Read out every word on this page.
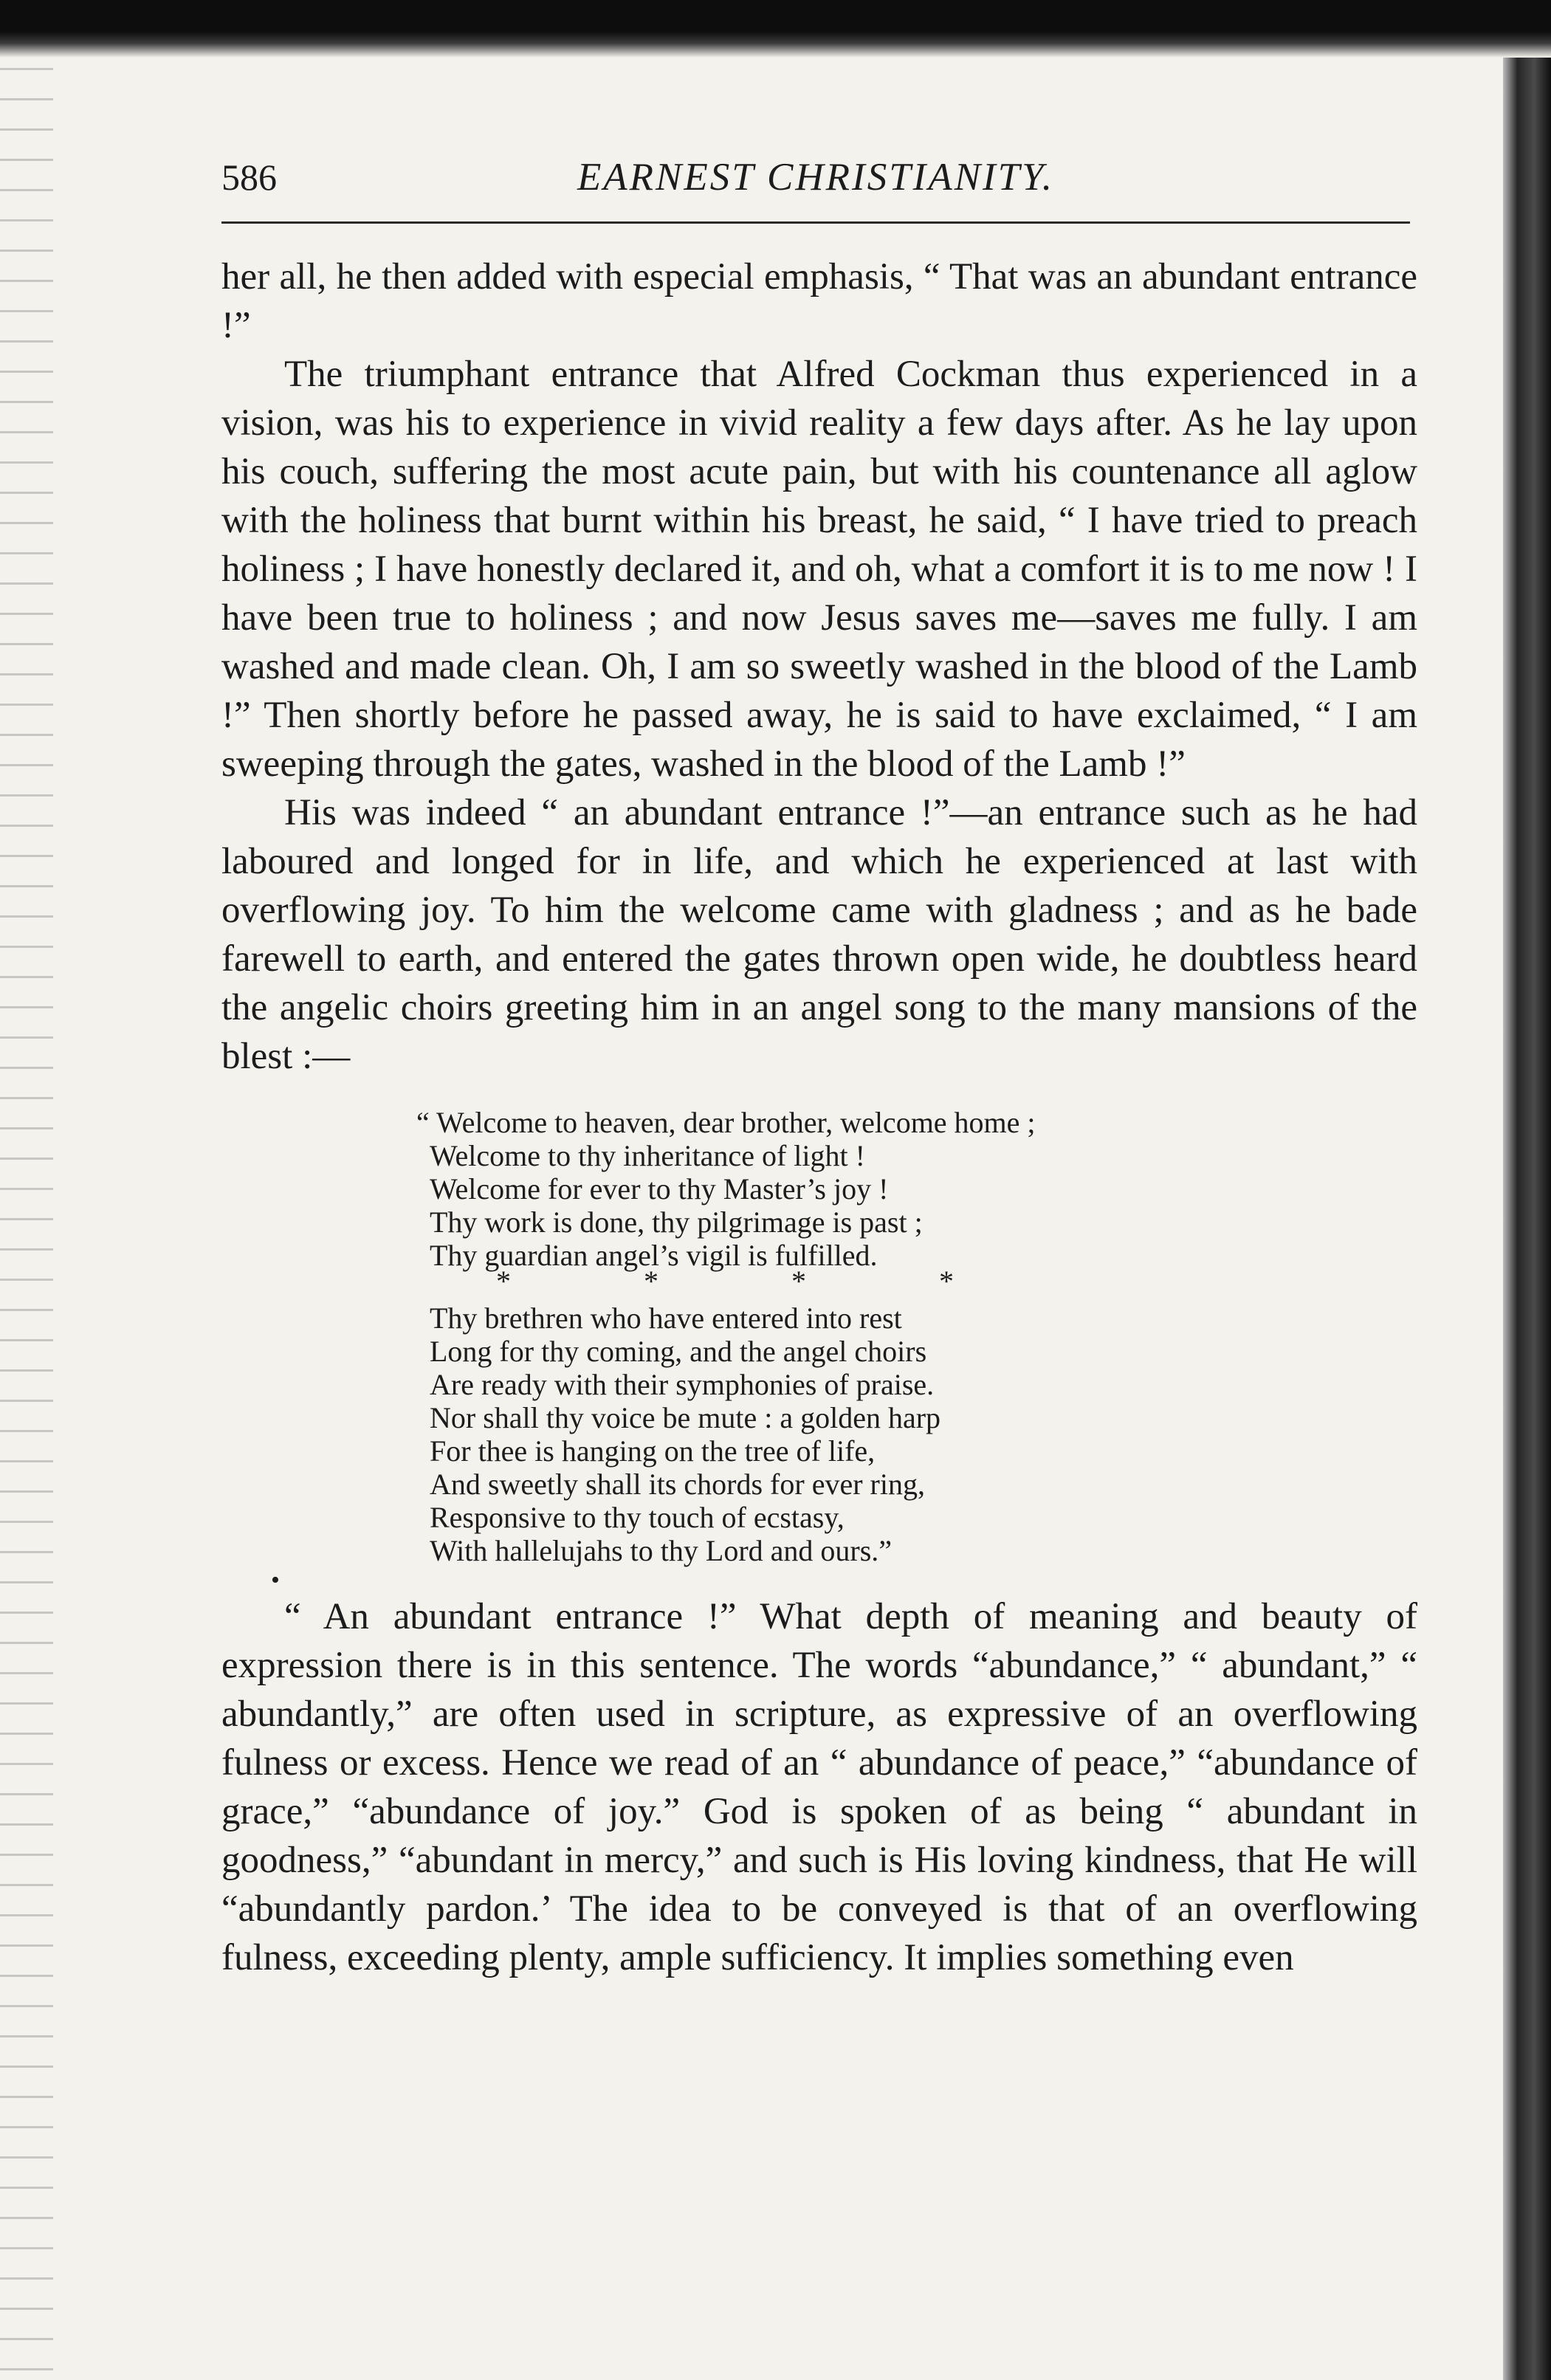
586	EARNEST CHRISTIANITY.

her all, he then added with especial emphasis, “ That was an abundant entrance !”

The triumphant entrance that Alfred Cockman thus experienced in a vision, was his to experience in vivid reality a few days after. As he lay upon his couch, suffering the most acute pain, but with his countenance all aglow with the holiness that burnt within his breast, he said, “ I have tried to preach holiness ; I have honestly declared it, and oh, what a comfort it is to me now ! I have been true to holiness ; and now Jesus saves me—saves me fully. I am washed and made clean. Oh, I am so sweetly washed in the blood of the Lamb !” Then shortly before he passed away, he is said to have exclaimed, “ I am sweeping through the gates, washed in the blood of the Lamb !”

His was indeed “ an abundant entrance !”—an entrance such as he had laboured and longed for in life, and which he experienced at last with overflowing joy. To him the welcome came with gladness ; and as he bade farewell to earth, and entered the gates thrown open wide, he doubtless heard the angelic choirs greeting him in an angel song to the many mansions of the blest :—

“ Welcome to heaven, dear brother, welcome home ;

Welcome to thy inheritance of light !

Welcome for ever to thy Master’s joy !

Thy work is done, thy pilgrimage is past ;

Thy guardian angel’s vigil is fulfilled.

*	*	*	*

Thy brethren who have entered into rest

Long for thy coming, and the angel choirs

Are ready with their symphonies of praise.

Nor shall thy voice be mute : a golden harp

For thee is hanging on the tree of life,

And sweetly shall its chords for ever ring,

Responsive to thy touch of ecstasy,

With hallelujahs to thy Lord and ours.”

“ An abundant entrance !” What depth of meaning and beauty of expression there is in this sentence. The words “abundance,” “ abundant,” “ abundantly,” are often used in scripture, as expressive of an overflowing fulness or excess. Hence we read of an “ abundance of peace,” “abundance of grace,” “abundance of joy.” God is spoken of as being “ abundant in goodness,” “abundant in mercy,” and such is His loving kindness, that He will “abundantly pardon.’ The idea to be conveyed is that of an overflowing fulness, exceeding plenty, ample sufficiency. It implies something even

•
